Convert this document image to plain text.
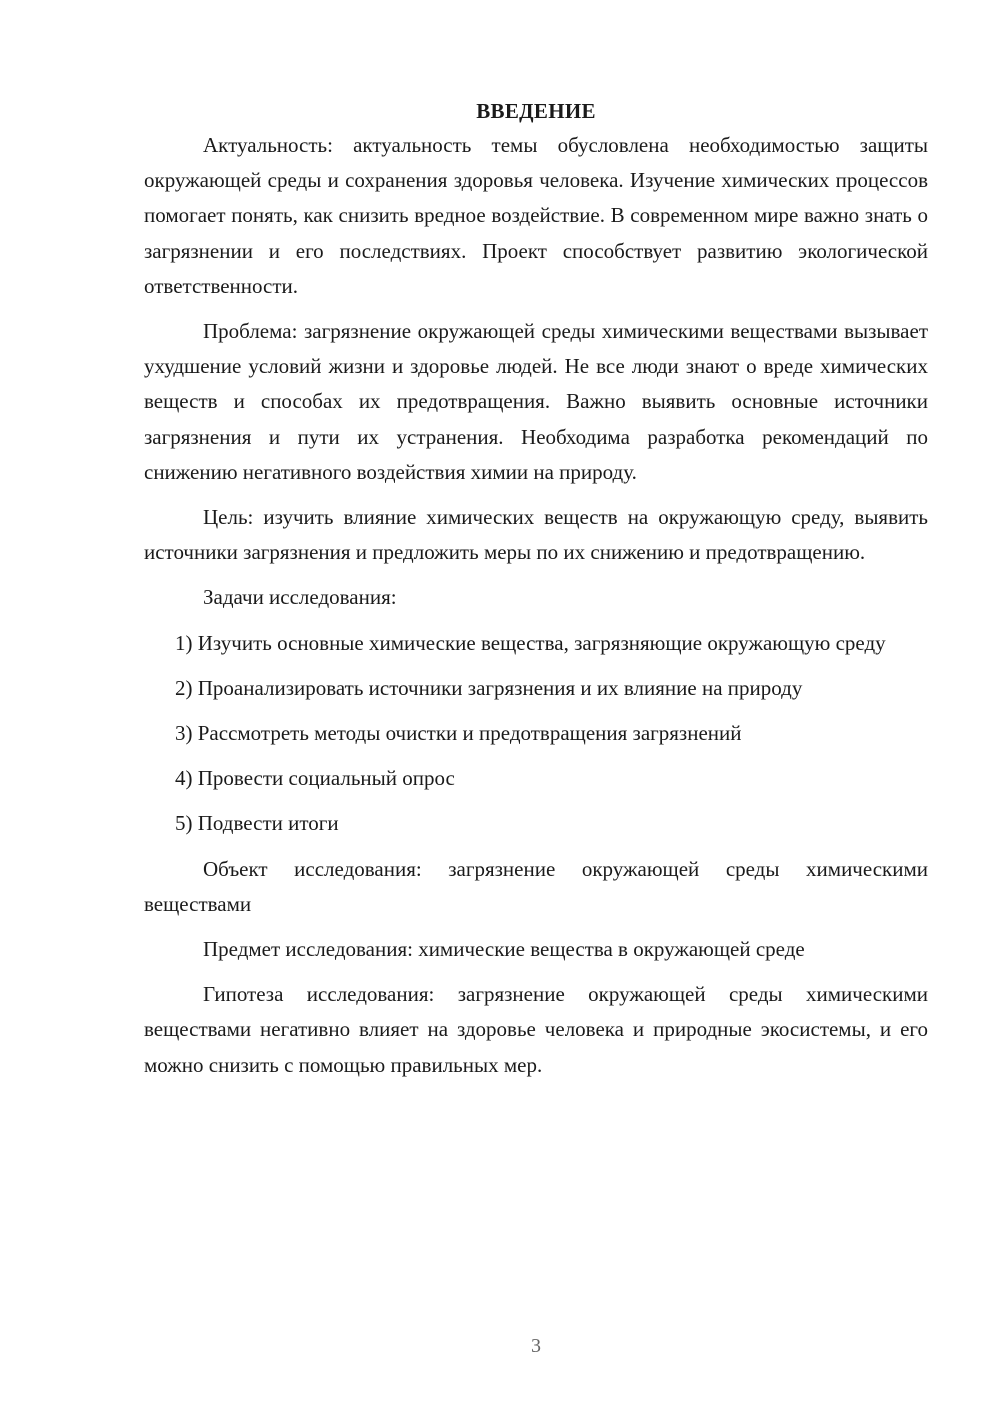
ВВЕДЕНИЕ

Актуальность: актуальность темы обусловлена необходимостью защиты окружающей среды и сохранения здоровья человека. Изучение химических процессов помогает понять, как снизить вредное воздействие. В современном мире важно знать о загрязнении и его последствиях. Проект способствует развитию экологической ответственности.

Проблема: загрязнение окружающей среды химическими веществами вызывает ухудшение условий жизни и здоровье людей. Не все люди знают о вреде химических веществ и способах их предотвращения. Важно выявить основные источники загрязнения и пути их устранения. Необходима разработка рекомендаций по снижению негативного воздействия химии на природу.

Цель: изучить влияние химических веществ на окружающую среду, выявить источники загрязнения и предложить меры по их снижению и предотвращению.

Задачи исследования:

1) Изучить основные химические вещества, загрязняющие окружающую среду

2) Проанализировать источники загрязнения и их влияние на природу

3) Рассмотреть методы очистки и предотвращения загрязнений

4) Провести социальный опрос

5) Подвести итоги

Объект исследования: загрязнение окружающей среды химическими веществами

Предмет исследования: химические вещества в окружающей среде

Гипотеза исследования: загрязнение окружающей среды химическими веществами негативно влияет на здоровье человека и природные экосистемы, и его можно снизить с помощью правильных мер.

3
